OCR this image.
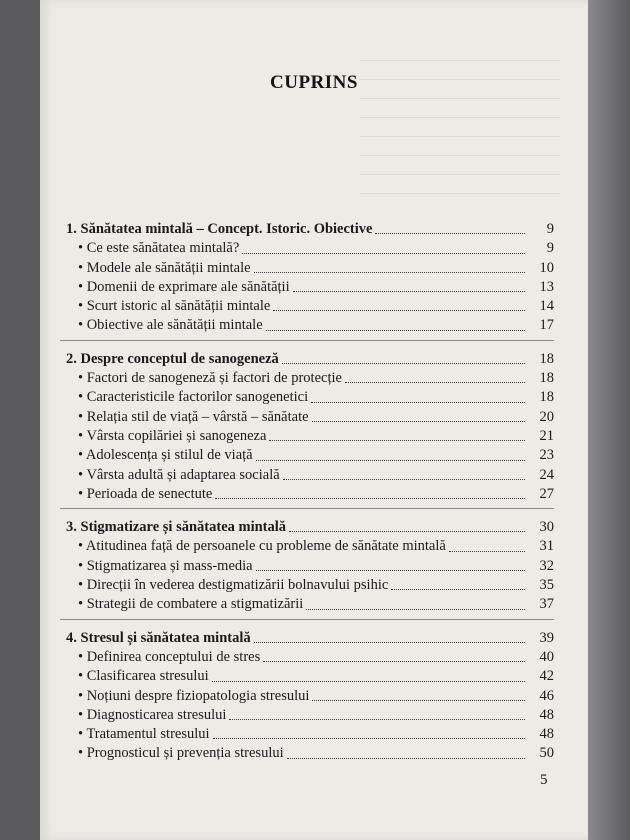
CUPRINS
1. Sănătatea mintală – Concept. Istoric. Obiective	9
• Ce este sănătatea mintală?	9
• Modele ale sănătății mintale	10
• Domenii de exprimare ale sănătății	13
• Scurt istoric al sănătății mintale	14
• Obiective ale sănătății mintale	17
2. Despre conceptul de sanogeneză	18
• Factori de sanogeneză și factori de protecție	18
• Caracteristicile factorilor sanogenetici	18
• Relația stil de viață – vârstă – sănătate	20
• Vârsta copilăriei și sanogeneza	21
• Adolescența și stilul de viață	23
• Vârsta adultă și adaptarea socială	24
• Perioada de senectute	27
3. Stigmatizare și sănătatea mintală	30
• Atitudinea față de persoanele cu probleme de sănătate mintală	31
• Stigmatizarea și mass-media	32
• Direcții în vederea destigmatizării bolnavului psihic	35
• Strategii de combatere a stigmatizării	37
4. Stresul și sănătatea mintală	39
• Definirea conceptului de stres	40
• Clasificarea stresului	42
• Noțiuni despre fiziopatologia stresului	46
• Diagnosticarea stresului	48
• Tratamentul stresului	48
• Prognosticul și prevenția stresului	50
5
